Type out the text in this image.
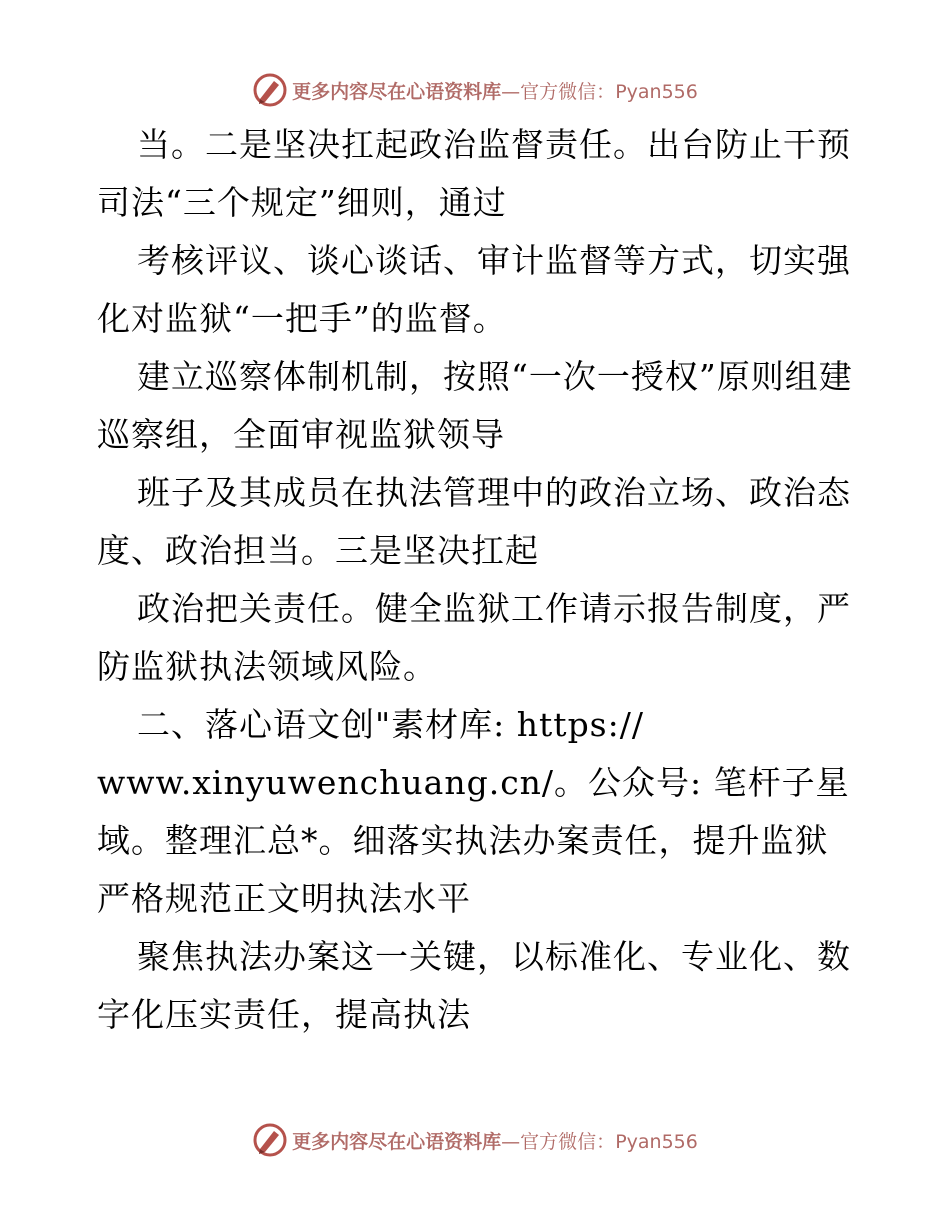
更多内容尽在心语资料库—官方微信：Pyan556

当。二是坚决扛起政治监督责任。出台防止干预司法“三个规定”细则，通过

考核评议、谈心谈话、审计监督等方式，切实强化对监狱“一把手”的监督。

建立巡察体制机制，按照“一次一授权”原则组建巡察组，全面审视监狱领导

班子及其成员在执法管理中的政治立场、政治态度、政治担当。三是坚决扛起

政治把关责任。健全监狱工作请示报告制度，严防监狱执法领域风险。

二、落心语文创"素材库: https://

www.xinyuwenchuang.cn/。公众号: 笔杆子星域。整理汇总*。细落实执法办案责任，提升监狱严格规范正文明执法水平

聚焦执法办案这一关键，以标准化、专业化、数字化压实责任，提高执法

更多内容尽在心语资料库—官方微信：Pyan556
